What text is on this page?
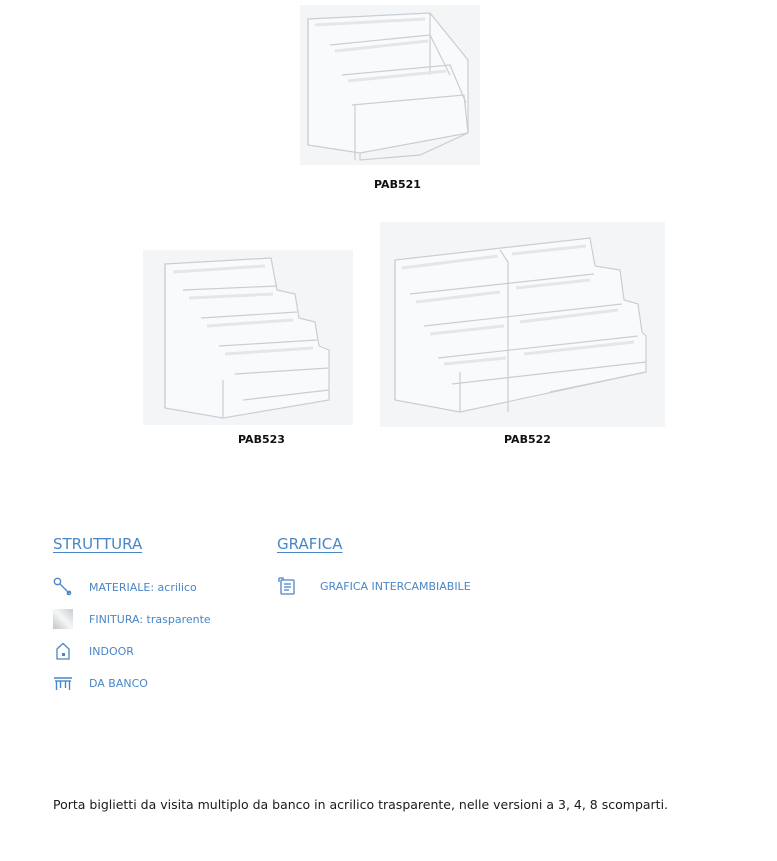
PAB521
PAB523	PAB522
STRUTTURA
MATERIALE: acrilico
FINITURA: trasparente
INDOOR
DA BANCO
GRAFICA
GRAFICA INTERCAMBIABILE
Porta biglietti da visita multiplo da banco in acrilico trasparente, nelle versioni a 3, 4, 8 scomparti.
